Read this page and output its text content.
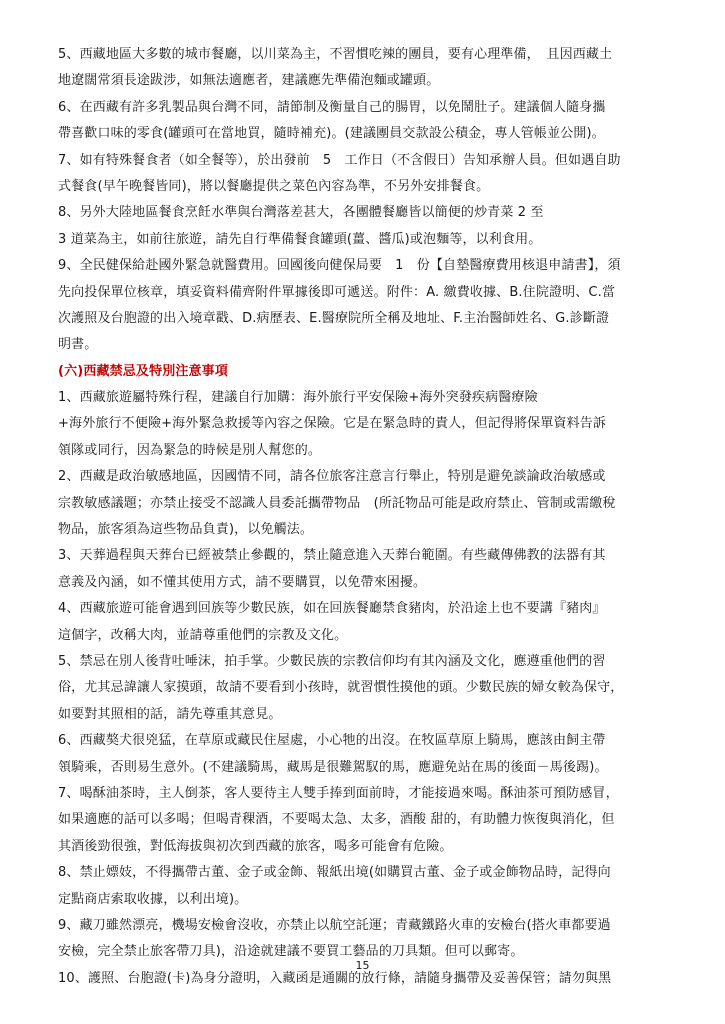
5、西藏地區大多數的城市餐廳，以川菜為主，不習慣吃辣的團員，要有心理準備，　且因西藏土
地遼闊常須長途跋涉，如無法適應者，建議應先準備泡麵或罐頭。
6、在西藏有許多乳製品與台灣不同，請節制及衡量自己的腸胃，以免鬧肚子。建議個人隨身攜
帶喜歡口味的零食(罐頭可在當地買，隨時補充)。(建議團員交款設公積金，專人管帳並公開)。
7、如有特殊餐食者（如全餐等），於出發前　5　工作日（不含假日）告知承辦人員。但如遇自助
式餐食(早午晚餐皆同)，將以餐廳提供之菜色內容為準，不另外安排餐食。
8、另外大陸地區餐食烹飪水準與台灣落差甚大，各團體餐廳皆以簡便的炒青菜 2 至
3 道菜為主，如前往旅遊，請先自行準備餐食罐頭(薑、醬瓜)或泡麵等，以利食用。
9、全民健保給赴國外緊急就醫費用。回國後向健保局要　1　份【自墊醫療費用核退申請書】，須
先向投保單位核章，填妥資料備齊附件單據後即可遞送。附件：A. 繳費收據、B.住院證明、C.當
次護照及台胞證的出入境章戳、D.病歷表、E.醫療院所全稱及地址、F.主治醫師姓名、G.診斷證
明書。
(六)西藏禁忌及特別注意事項
1、西藏旅遊屬特殊行程，建議自行加購：海外旅行平安保險+海外突發疾病醫療險
+海外旅行不便險+海外緊急救援等內容之保險。它是在緊急時的貴人，但記得將保單資料告訴
領隊或同行，因為緊急的時候是別人幫您的。
2、西藏是政治敏感地區，因國情不同，請各位旅客注意言行舉止，特別是避免談論政治敏感或
宗教敏感議題；亦禁止接受不認識人員委託攜帶物品　(所託物品可能是政府禁止、管制或需繳稅
物品，旅客須為這些物品負責)，以免觸法。
3、天葬過程與天葬台已經被禁止參觀的，禁止隨意進入天葬台範圍。有些藏傳佛教的法器有其
意義及內涵，如不懂其使用方式，請不要購買，以免帶來困擾。
4、西藏旅遊可能會遇到回族等少數民族，如在回族餐廳禁食豬肉，於沿途上也不要講『豬肉』
這個字，改稱大肉，並請尊重他們的宗教及文化。
5、禁忌在別人後背吐唾沫，拍手掌。少數民族的宗教信仰均有其內涵及文化，應遵重他們的習
俗，尤其忌諱讓人家摸頭，故請不要看到小孩時，就習慣性摸他的頭。少數民族的婦女較為保守，
如要對其照相的話，請先尊重其意見。
6、西藏獒犬很兇猛，在草原或藏民住屋處，小心牠的出沒。在牧區草原上騎馬，應該由飼主帶
領騎乘，否則易生意外。(不建議騎馬，藏馬是很難駕馭的馬，應避免站在馬的後面－馬後踢)。
7、喝酥油茶時，主人倒茶，客人要待主人雙手捧到面前時，才能接過來喝。酥油茶可預防感冒，
如果適應的話可以多喝；但喝青稞酒，不要喝太急、太多，酒酸 甜的，有助體力恢復與消化，但
其酒後勁很強，對低海拔與初次到西藏的旅客，喝多可能會有危險。
8、禁止嫖妓，不得攜帶古董、金子或金飾、報紙出境(如購買古董、金子或金飾物品時，記得向
定點商店索取收據，以利出境)。
9、藏刀雖然漂亮，機場安檢會沒收，亦禁止以航空託運；青藏鐵路火車的安檢台(搭火車都要過
安檢，完全禁止旅客帶刀具)，沿途就建議不要買工藝品的刀具類。但可以郵寄。
10、護照、台胞證(卡)為身分證明，入藏函是通關的放行條，請隨身攜帶及妥善保管；請勿與黑
15
